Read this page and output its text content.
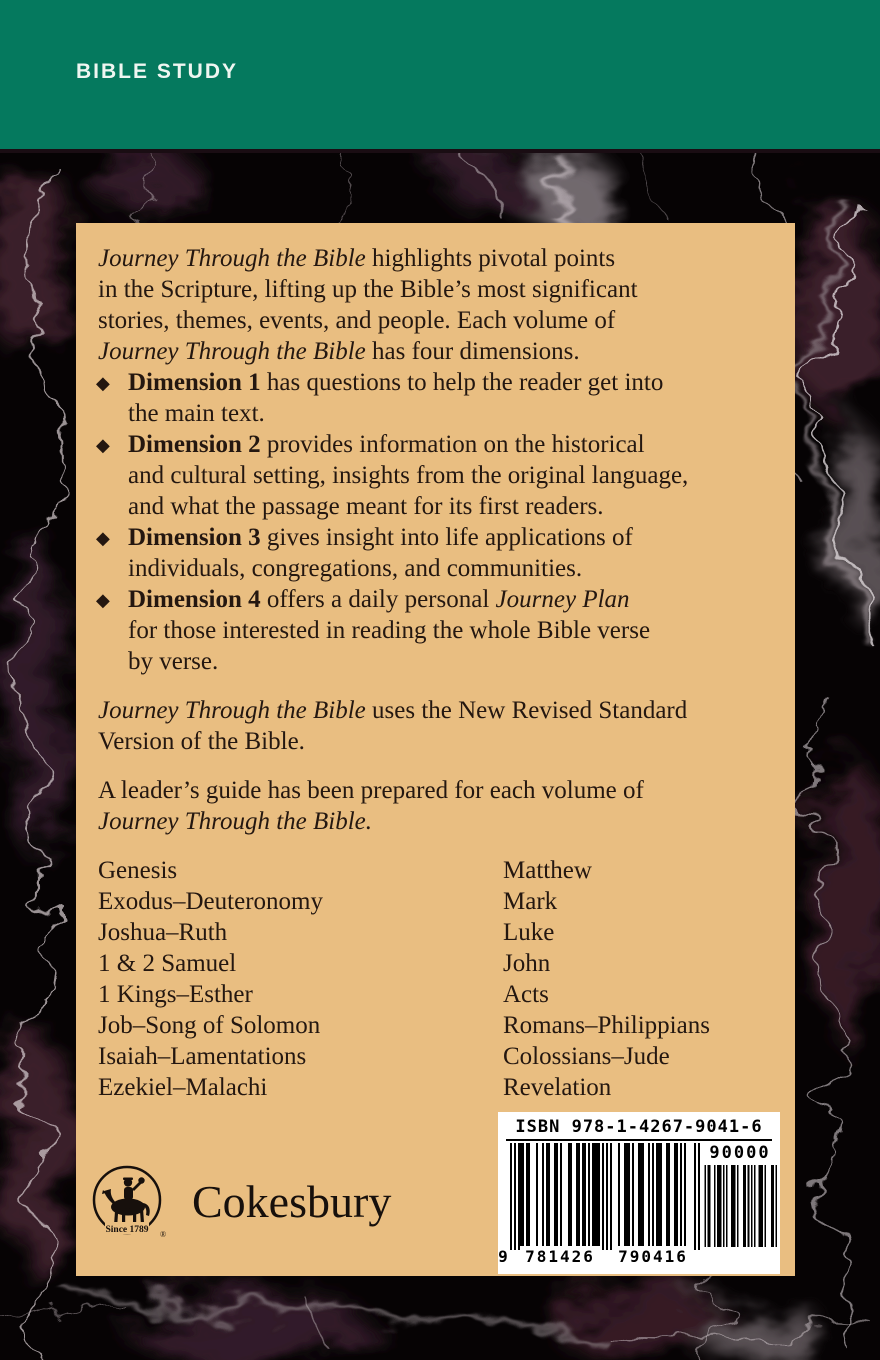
BIBLE STUDY

Journey Through the Bible highlights pivotal points
in the Scripture, lifting up the Bible’s most significant
stories, themes, events, and people. Each volume of
Journey Through the Bible has four dimensions.

◆ Dimension 1 has questions to help the reader get into
the main text.
◆ Dimension 2 provides information on the historical
and cultural setting, insights from the original language,
and what the passage meant for its first readers.
◆ Dimension 3 gives insight into life applications of
individuals, congregations, and communities.
◆ Dimension 4 offers a daily personal Journey Plan
for those interested in reading the whole Bible verse
by verse.

Journey Through the Bible uses the New Revised Standard
Version of the Bible.

A leader’s guide has been prepared for each volume of
Journey Through the Bible.

Genesis
Exodus–Deuteronomy
Joshua–Ruth
1 & 2 Samuel
1 Kings–Esther
Job–Song of Solomon
Isaiah–Lamentations
Ezekiel–Malachi
Matthew
Mark
Luke
John
Acts
Romans–Philippians
Colossians–Jude
Revelation
Since 1789 ®
Cokesbury
ISBN 978-1-4267-9041-6
90000
9 781426	790416
